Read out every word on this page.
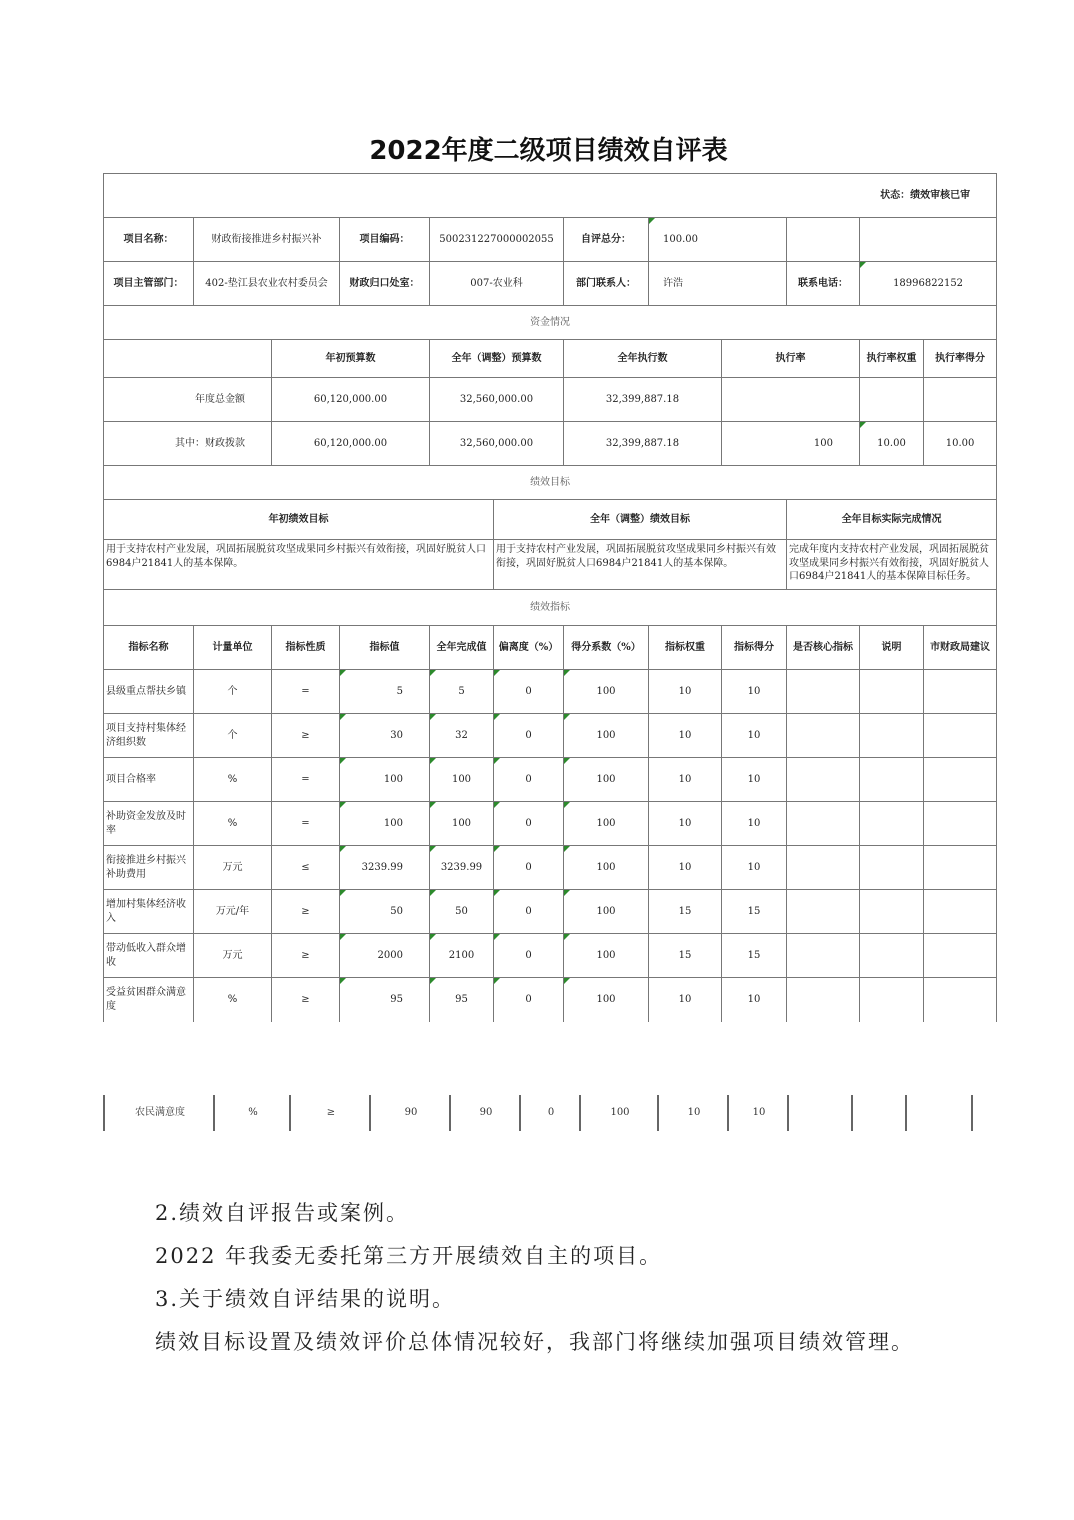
2022年度二级项目绩效自评表
状态：绩效审核已审											
项目名称：	财政衔接推进乡村振兴补		项目编码：	500231227000002055		自评总分：	100.00				
项目主管部门：	402-垫江县农业农村委员会		财政归口处室：	007-农业科		部门联系人：	许浩		联系电话：	18996822152	
资金情况											
		年初预算数		全年（调整）预算数		全年执行数		执行率		执行率权重	执行率得分
年度总金额		60,120,000.00		32,560,000.00		32,399,887.18					
其中：财政拨款		60,120,000.00		32,560,000.00		32,399,887.18		100		10.00	10.00
绩效目标											
年初绩效目标					全年（调整）绩效目标				全年目标实际完成情况		
用于支持农村产业发展，巩固拓展脱贫攻坚成果同乡村振兴有效衔接，巩固好脱贫人口6984户21841人的基本保障。					用于支持农村产业发展，巩固拓展脱贫攻坚成果同乡村振兴有效衔接，巩固好脱贫人口6984户21841人的基本保障。				完成年度内支持农村产业发展，巩固拓展脱贫攻坚成果同乡村振兴有效衔接，巩固好脱贫人口6984户21841人的基本保障目标任务。		
绩效指标											
指标名称	计量单位	指标性质	指标值	全年完成值	偏离度（%）	得分系数（%）	指标权重	指标得分	是否核心指标	说明	市财政局建议
县级重点帮扶乡镇	个	=	5	5	0	100	10	10			
项目支持村集体经济组织数	个	≥	30	32	0	100	10	10			
项目合格率	%	=	100	100	0	100	10	10			
补助资金发放及时率	%	=	100	100	0	100	10	10			
衔接推进乡村振兴补助费用	万元	≤	3239.99	3239.99	0	100	10	10			
增加村集体经济收入	万元/年	≥	50	50	0	100	15	15			
带动低收入群众增收	万元	≥	2000	2100	0	100	15	15			
受益贫困群众满意度	%	≥	95	95	0	100	10	10			
农民满意度	%	≥	90	90	0	100	10	10
2.绩效自评报告或案例。
2022 年我委无委托第三方开展绩效自主的项目。
3.关于绩效自评结果的说明。
绩效目标设置及绩效评价总体情况较好，我部门将继续加强项目绩效管理。
